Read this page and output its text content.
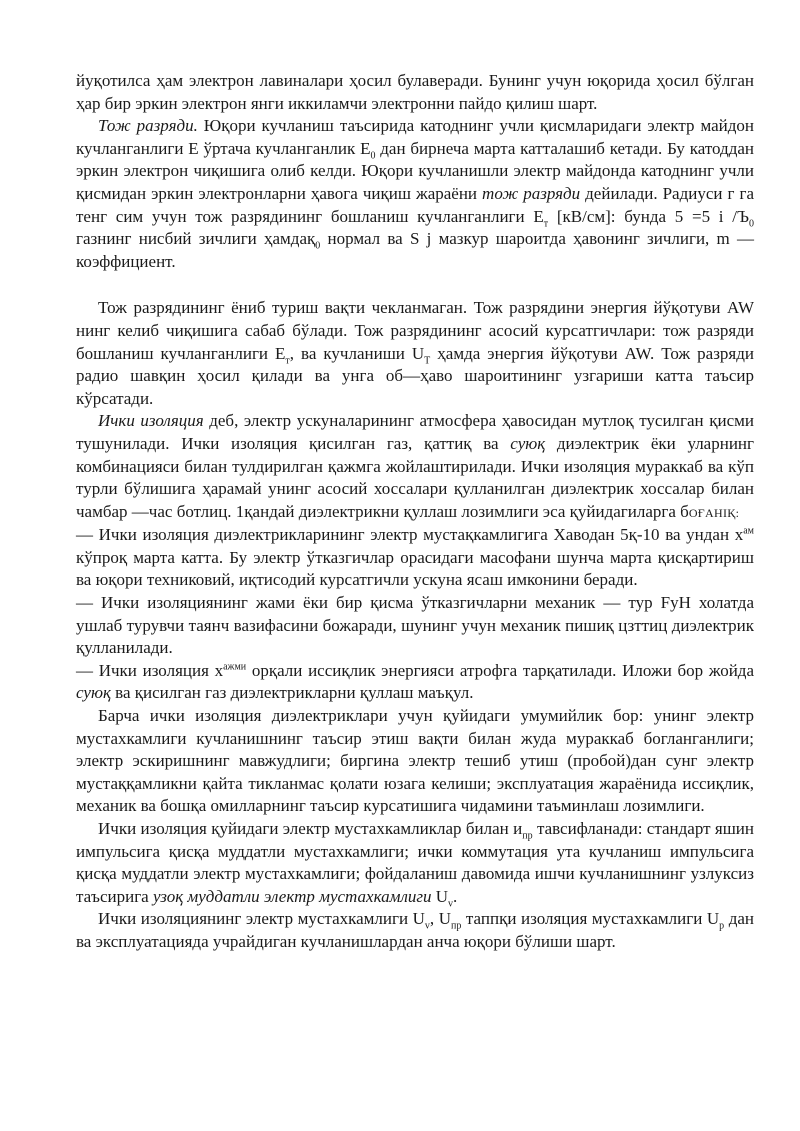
йуқотилса ҳам электрон лавиналари ҳосил булаверади. Бунинг учун юқорида ҳосил бўлган ҳар бир эркин электрон янги иккиламчи электронни пайдо қилиш шарт.

Тож разряди. Юқори кучланиш таъсирида катоднинг учли қисмларидаги электр майдон кучланганлиги Е ўртача кучланганлик $Е_0$ дан бирнеча марта катталашиб кетади. Бу катоддан эркин электрон чиқишига олиб келди. Юқори кучланишли электр майдонда катоднинг учли қисмидан эркин электронларни ҳавога чиқиш жараёни тож разряди дейилади. Радиуси г га тенг сим учун тож разрядининг бошланиш кучланганлиги $Е_т$ [кВ/см]: бунда 5 =5 і $/Ъ_0$ газнинг нисбий зичлиги ҳамдақ$_0$ нормал ва S j мазкур шароитда ҳавонинг зичлиги, m — коэффициент.

Тож разрядининг ёниб туриш вақти чекланмаган. Тож разрядини энергия йўқотуви AW нинг келиб чиқишига сабаб бўлади. Тож разрядининг асосий курсатгичлари: тож разряди бошланиш кучланганлиги $Е_т$, ва кучланиши $U_Т$ ҳамда энергия йўқотуви AW. Тож разряди радио шавқин ҳосил қилади ва унга об—ҳаво шароитининг узгариши катта таъсир кўрсатади.

Ички изоляция деб, электр ускуналарининг атмосфера ҳавосидан мутлоқ тусилган қисми тушунилади. Ички изоляция қисилган газ, қаттиқ ва суюқ диэлектрик ёки уларнинг комбинацияси билан тулдирилган қажмга жойлаштирилади. Ички изоляция мураккаб ва кўп турли бўлишига ҳарамай унинг асосий хоссалари қулланилган диэлектрик хоссалар билан чамбар —час ботлиц. 1қандай диэлектрикни қуллаш лозимлиги эса қуйидагиларга бОҒАНІҚ:

— Ички изоляция диэлектрикларининг электр мустақкамлигига Хаводан 5қ-10 ва ундан $х^{ам}$ кўпроқ марта катта. Бу электр ўтказгичлар орасидаги масофани шунча марта қисқартириш ва юқори техниковий, иқтисодий курсатгичли ускуна ясаш имконини беради.

— Ички изоляциянинг жами ёки бир қисма ўтказгичларни механик — тур FyH холатда ушлаб турувчи таянч вазифасини божаради, шунинг учун механик пишиқ цзттиц диэлектрик қулланилади.

— Ички изоляция $х^{ажми}$ орқали иссиқлик энергияси атрофга тарқатилади. Иложи бор жойда суюқ ва қисилган газ диэлектрикларни қуллаш маъқул.

Барча ички изоляция диэлектриклари учун қуйидаги умумийлик бор: унинг электр мустахкамлиги кучланишнинг таъсир этиш вақти билан жуда мураккаб богланганлиги; электр эскиришнинг мавжудлиги; биргина электр тешиб утиш (пробой)дан сунг электр мустаққамликни қайта тикланмас қолати юзага келиши; эксплуатация жараёнида иссиқлик, механик ва бошқа омилларнинг таъсир курсатишига чидамини таъминлаш лозимлиги.

Ички изоляция қуйидаги электр мустахкамликлар билан $и_{пр}$ тавсифланади: стандарт яшин импульсига қисқа муддатли мустахкамлиги; ички коммутация ута кучланиш импульсига қисқа муддатли электр мустахкамлиги; фойдаланиш давомида ишчи кучланишнинг узлуксиз таъсирига узоқ муддатли электр мустахкамлиги $U_v$.

Ички изоляциянинг электр мустахкамлиги $U_v$, $U_{пр}$ таппқи изоляция мустахкамлиги $U_р$ дан ва эксплуатацияда учрайдиган кучланишлардан анча юқори бўлиши шарт.
